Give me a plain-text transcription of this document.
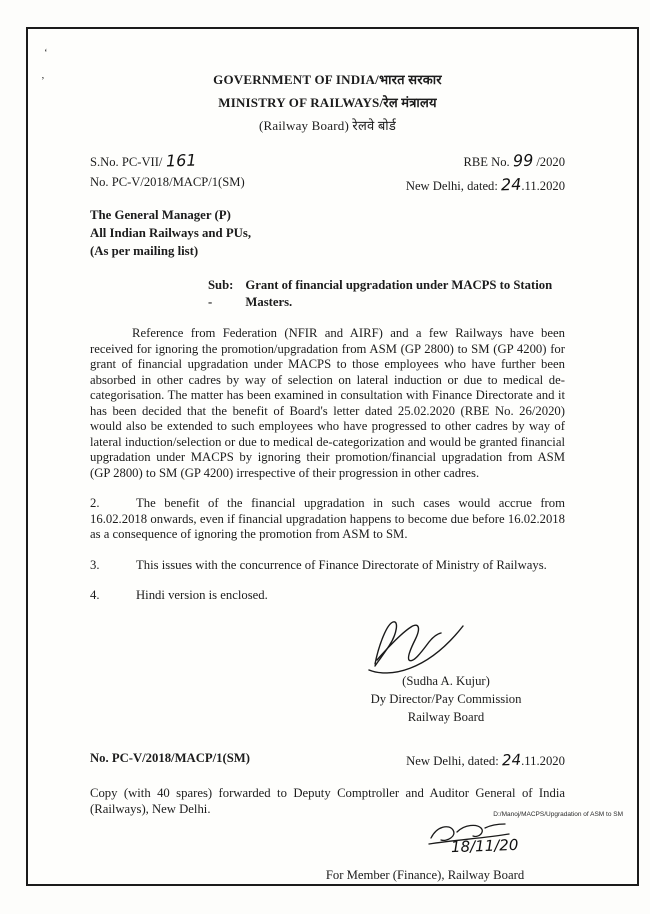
ʻ
ʼ	GOVERNMENT OF INDIA/भारत सरकार
MINISTRY OF RAILWAYS/रेल मंत्रालय
(Railway Board) रेलवे बोर्ड
S.No. PC-VII/ 161
No. PC-V/2018/MACP/1(SM)
RBE No. 99 /2020
New Delhi, dated: 24.11.2020
The General Manager (P)
All Indian Railways and PUs,
(As per mailing list)
Sub: -
Grant of financial upgradation under MACPS to Station Masters.
Reference from Federation (NFIR and AIRF) and a few Railways have been received for ignoring the promotion/upgradation from ASM (GP 2800) to SM (GP 4200) for grant of financial upgradation under MACPS to those employees who have further been absorbed in other cadres by way of selection on lateral induction or due to medical de-categorisation. The matter has been examined in consultation with Finance Directorate and it has been decided that the benefit of Board's letter dated 25.02.2020 (RBE No. 26/2020) would also be extended to such employees who have progressed to other cadres by way of lateral induction/selection or due to medical de-categorization and would be granted financial upgradation under MACPS by ignoring their promotion/financial upgradation from ASM (GP 2800) to SM (GP 4200) irrespective of their progression in other cadres.
2.	The benefit of the financial upgradation in such cases would accrue from 16.02.2018 onwards, even if financial upgradation happens to become due before 16.02.2018 as a consequence of ignoring the promotion from ASM to SM.
3.	This issues with the concurrence of Finance Directorate of Ministry of Railways.
4.	Hindi version is enclosed.
(Sudha A. Kujur)
Dy Director/Pay Commission
Railway Board
No. PC-V/2018/MACP/1(SM)	New Delhi, dated: 24.11.2020
Copy (with 40 spares) forwarded to Deputy Comptroller and Auditor General of India (Railways), New Delhi.
18/11/20
For Member (Finance), Railway Board
D:/Manoj/MACPS/Upgradation of ASM to SM
